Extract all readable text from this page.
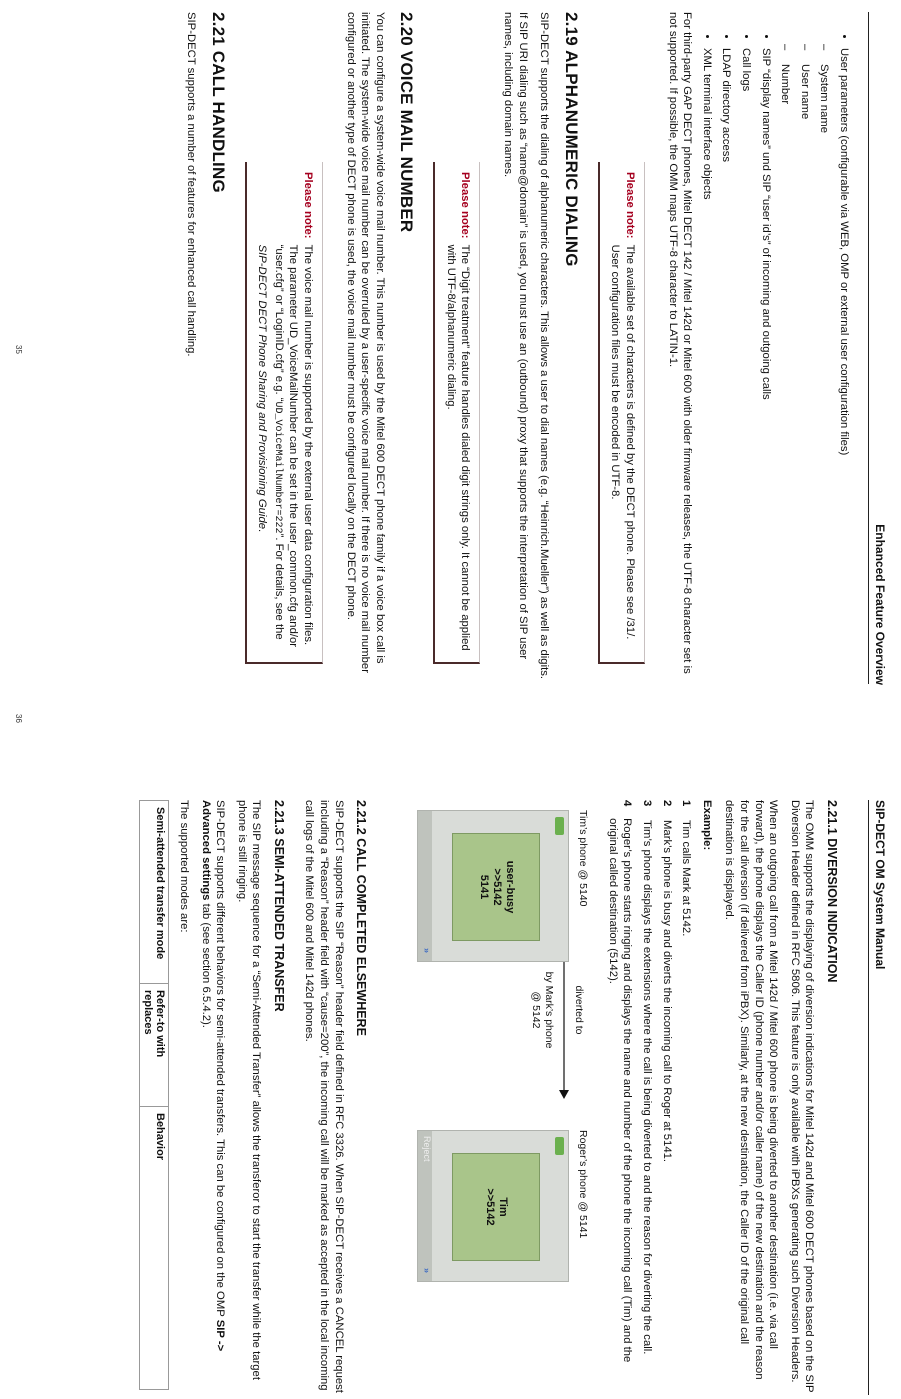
Enhanced Feature Overview
• User parameters (configurable via WEB, OMP or external user configuration files)
– System name
– User name
– Number
• SIP “display names” und SIP “user id’s” of incoming and outgoing calls
• Call logs
• LDAP directory access
• XML terminal interface objects

For third-party GAP DECT phones, Mitel DECT 142 / Mitel 142d or Mitel 600 with older firmware releases, the UTF-8 character set is not supported. If possible, the OMM maps UTF-8 character to LATIN-1.

Please note:
The available set of characters is defined by the DECT phone. Please see /31/. User configuration files must be encoded in UTF-8.
2.19 ALPHANUMERIC DIALING

SIP-DECT supports the dialing of alphanumeric characters. This allows a user to dial names (e.g. “Heinrich.Mueller”) as well as digits.

If SIP URI dialing such as “name@domain” is used, you must use an (outbound) proxy that supports the interpretation of SIP user names, including domain names.

Please note:
The “Digit treatment” feature handles dialed digit strings only. It cannot be applied with UTF-8/alphanumeric dialing.
2.20 VOICE MAIL NUMBER

You can configure a system-wide voice mail number. This number is used by the Mitel 600 DECT phone family if a voice box call is initiated. The system-wide voice mail number can be overruled by a user-specific voice mail number. If there is no voice mail number configured or another type of DECT phone is used, the voice mail number must be configured locally on the DECT phone.

Please note:
The voice mail number is supported by the external user data configuration files. The parameter UD_VoiceMailNumber can be set in the user_common.cfg and/or “user.cfg” or “LoginID.cfg” e.g. “UD_VoiceMailNumber=222”. For details, see the SIP-DECT DECT Phone Sharing and Provisioning Guide.
2.21 CALL HANDLING

SIP-DECT supports a number of features for enhanced call handling.

35
SIP-DECT OM System Manual
2.21.1 DIVERSION INDICATION

The OMM supports the displaying of diversion indications for Mitel 142d and Mitel 600 DECT phones based on the SIP Diversion Header defined in RFC 5806. This feature is only available with iPBXs generating such Diversion Headers.

When an outgoing call from a Mitel 142d / Mitel 600 phone is being diverted to another destination (i.e. via call forward), the phone displays the Caller ID (phone number and/or caller name) of the new destination and the reason for the call diversion (if delivered from iPBX). Similarly, at the new destination, the Caller ID of the original call destination is displayed.

Example:

1
Tim calls Mark at 5142.
2
Mark’s phone is busy and diverts the incoming call to Roger at 5141.
3
Tim’s phone displays the extensions where the call is being diverted to and the reason for diverting the call.
4
Roger’s phone starts ringing and displays the name and number of the phone the incoming call (Tim) and the original called destination (5142).
Tim’s phone @ 5140
Roger’s phone @ 5141
diverted to
by Mark’s phone
@ 5142
user-busy
>>5142
5141
»
Tim
>>5142
Reject
»
2.21.2 CALL COMPLETED ELSEWHERE

SIP-DECT supports the SIP “Reason” header field defined in RFC 3326. When SIP-DECT receives a CANCEL request including a “Reason” header field with “cause=200”, the incoming call will be marked as accepted in the local incoming call logs of the Mitel 600 and Mitel 142d phones.

2.21.3 SEMI-ATTENDED TRANSFER

The SIP message sequence for a “Semi-Attended Transfer” allows the transferor to start the transfer while the target phone is still ringing.

SIP-DECT supports different behaviors for semi-attended transfers. This can be configured on the OMP SIP -> Advanced settings tab (see section 6.5.4.2).

The supported modes are:

Semi-attended transfer mode	Refer-to with replaces	Behavior
36
